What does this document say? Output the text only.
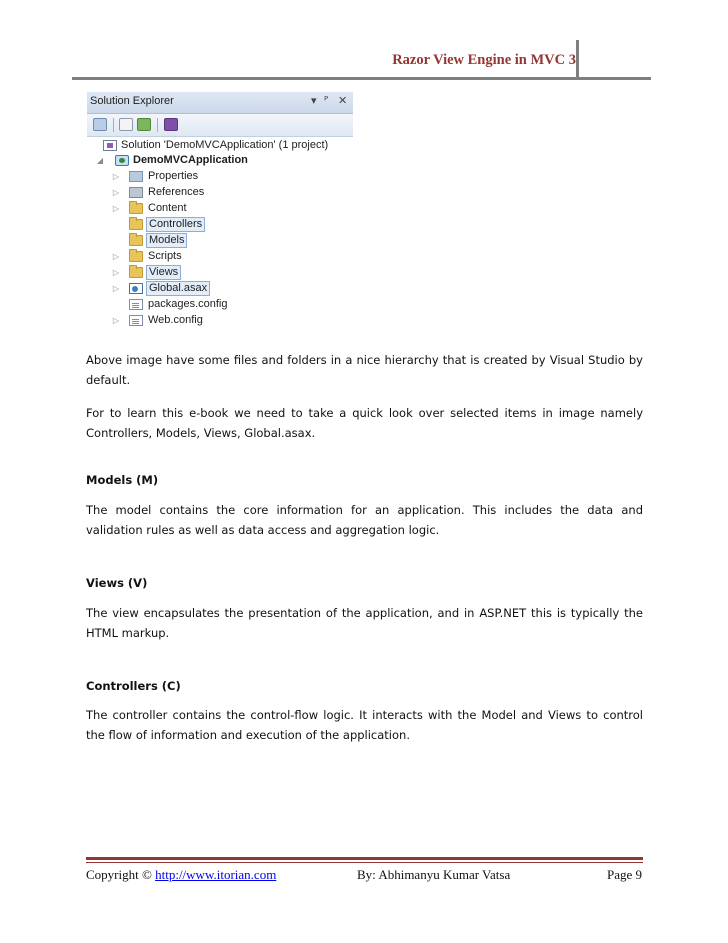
Razor View Engine in MVC 3
Solution Explorer	▾ ᴾ ✕
Solution 'DemoMVCApplication' (1 project)
◢	DemoMVCApplication
▷	Properties
▷	References
▷	Content
Controllers
Models
▷	Scripts
▷	Views
▷	Global.asax
packages.config
▷	Web.config

Above image have some files and folders in a nice hierarchy that is created by Visual Studio by default.

For to learn this e-book we need to take a quick look over selected items in image namely Controllers, Models, Views, Global.asax.

Models (M)

The model contains the core information for an application. This includes the data and validation rules as well as data access and aggregation logic.

Views (V)

The view encapsulates the presentation of the application, and in ASP.NET this is typically the HTML markup.

Controllers (C)

The controller contains the control-flow logic. It interacts with the Model and Views to control the flow of information and execution of the application.

Copyright © http://www.itorian.com	By: Abhimanyu Kumar Vatsa	Page 9
